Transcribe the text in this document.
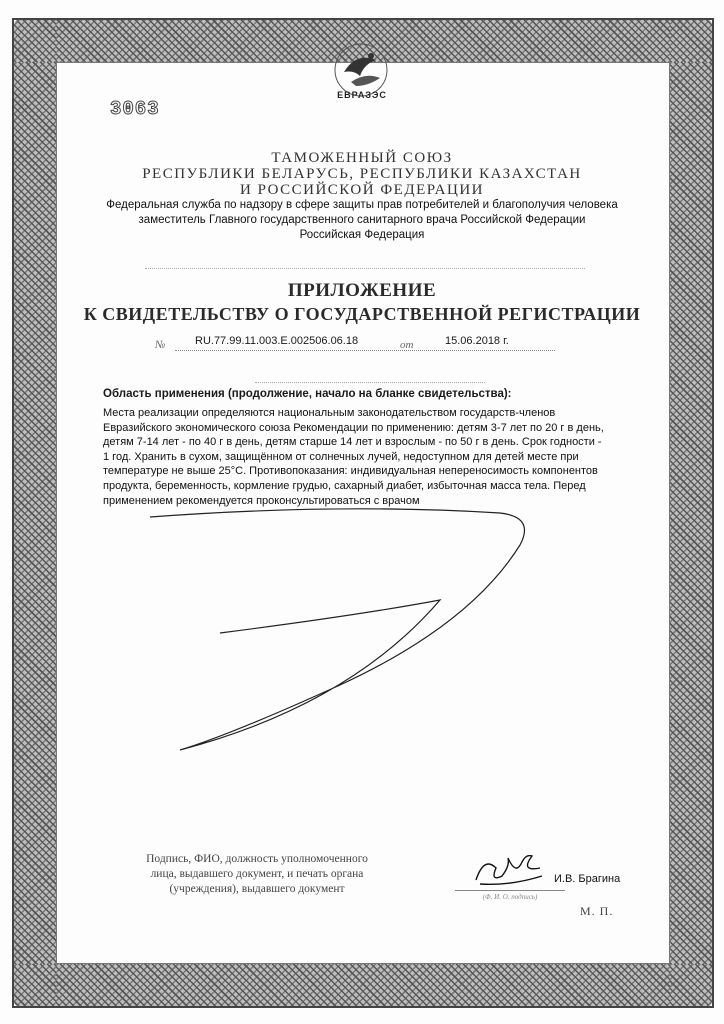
ЕВРАЗЭС
3063
ТАМОЖЕННЫЙ СОЮЗ
РЕСПУБЛИКИ БЕЛАРУСЬ, РЕСПУБЛИКИ КАЗАХСТАН
И РОССИЙСКОЙ ФЕДЕРАЦИИ
Федеральная служба по надзору в сфере защиты прав потребителей и благополучия человека
заместитель Главного государственного санитарного врача Российской Федерации
Российская Федерация
ПРИЛОЖЕНИЕ
К СВИДЕТЕЛЬСТВУ О ГОСУДАРСТВЕННОЙ РЕГИСТРАЦИИ
№	RU.77.99.11.003.Е.002506.06.18	от	15.06.2018 г.
Область применения (продолжение, начало на бланке свидетельства):
Места реализации определяются национальным законодательством государств-членов
Евразийского экономического союза Рекомендации по применению: детям 3-7 лет по 20 г в день,
детям 7-14 лет - по 40 г в день, детям старше 14 лет и взрослым - по 50 г в день. Срок годности -
1 год. Хранить в сухом, защищённом от солнечных лучей, недоступном для детей месте при
температуре не выше 25°С. Противопоказания: индивидуальная непереносимость компонентов
продукта, беременность, кормление грудью, сахарный диабет, избыточная масса тела. Перед
применением рекомендуется проконсультироваться с врачом
Подпись, ФИО, должность уполномоченного
лица, выдавшего документ, и печать органа
(учреждения), выдавшего документ
(Ф. И. О. подпись)
И.В. Брагина
М. П.
